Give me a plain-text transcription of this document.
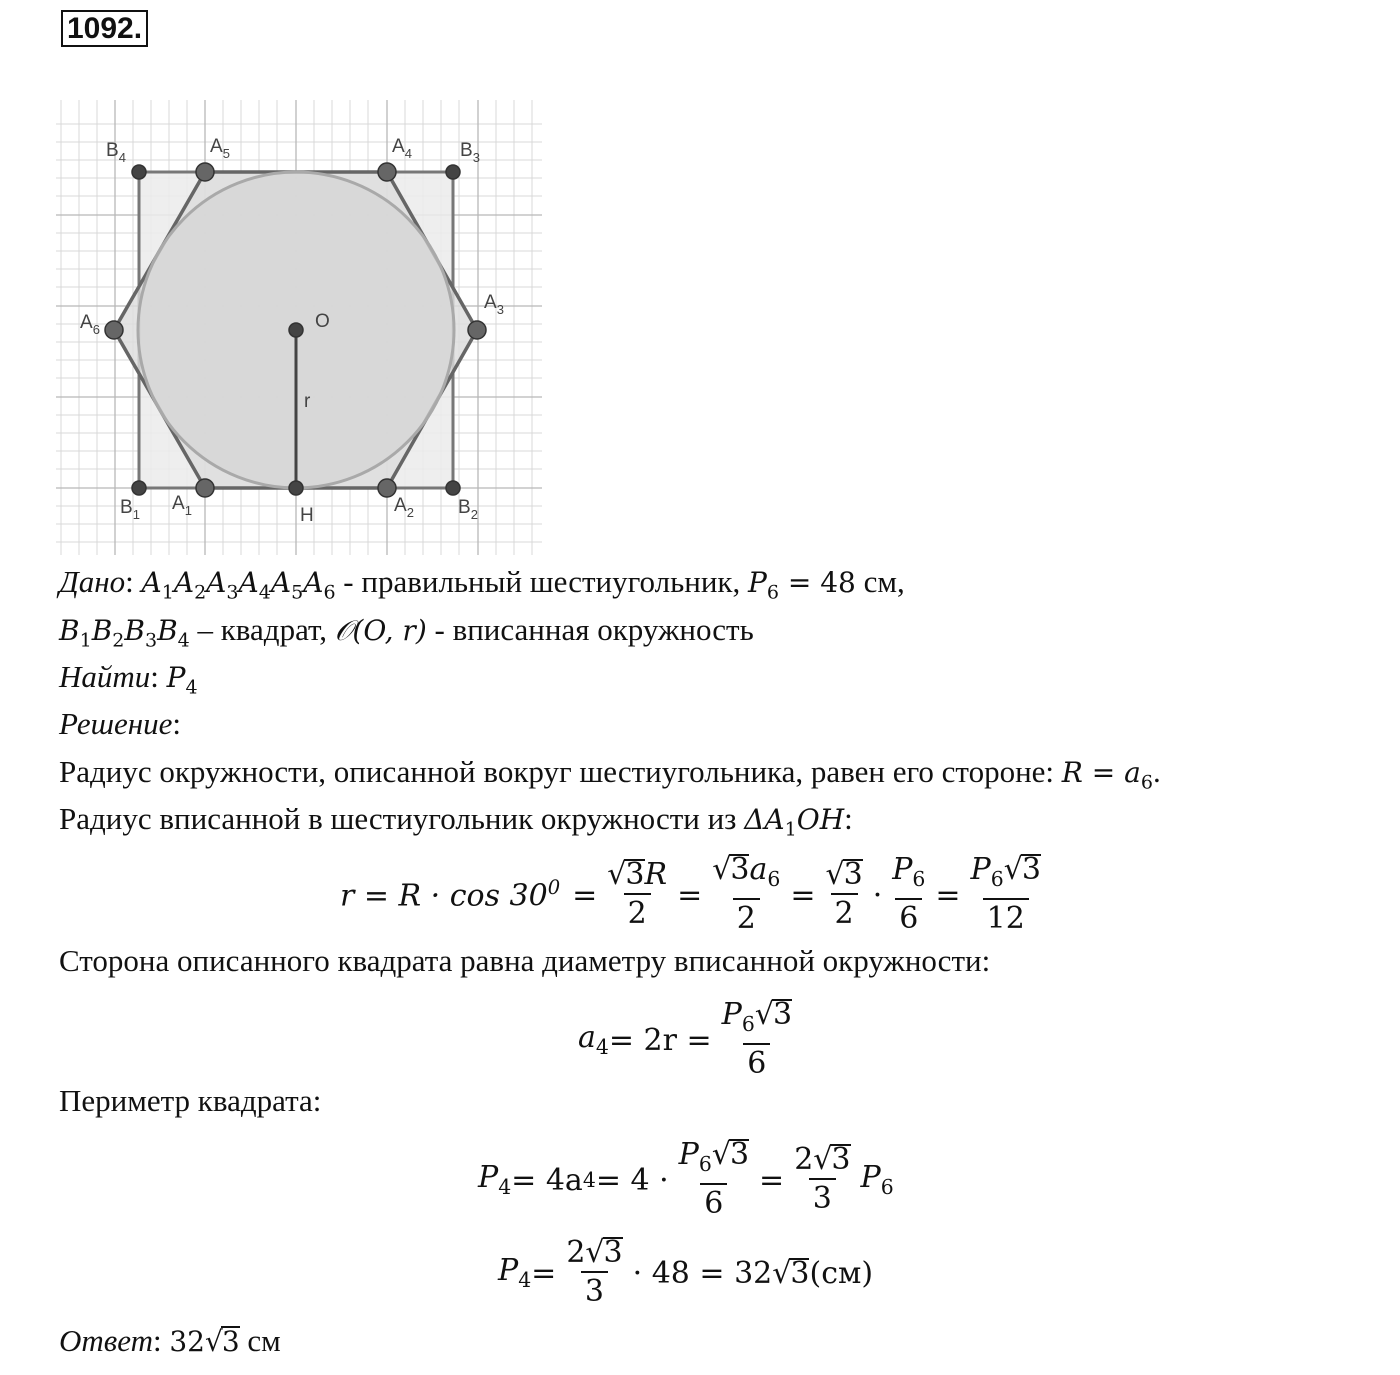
1092.
$B_4$
$A_5$	$A_4$	$B_3$
$A_3$
$A_6$	O
r
$B_1$
$A_1$	H	$A_2$ $B_2$
Дано: $A_1A_2A_3A_4A_5A_6$ - правильный шестиугольник, $P_6 = 48$ см,
$B_1B_2B_3B_4$ – квадрат, 𝒪(O, r) - вписанная окружность
Найти: $P_4$
Решение:
Радиус окружности, описанной вокруг шестиугольника, равен его стороне: $R = a_6$.
Радиус вписанной в шестиугольник окружности из $\Delta A_1OH$:
$r = R \cdot \cos 30^0 = \frac{√3R}{2} = \frac{√3a_6}{2} = \frac{√3}{2} \cdot \frac{P_6}{6} = \frac{P_6√3}{12}$
Сторона описанного квадрата равна диаметру вписанной окружности:
$a_4 = 2r = \frac{P_6√3}{6}$
Периметр квадрата:
$P_4 = 4a$ $4 = 4 \cdot \frac{P_6√3}{6} = \frac{2√3}{3} P_6$
$P_4 = \frac{2√3}{3} \cdot 48 = 32$ √ 3 (см)
Ответ: 32√3 см
